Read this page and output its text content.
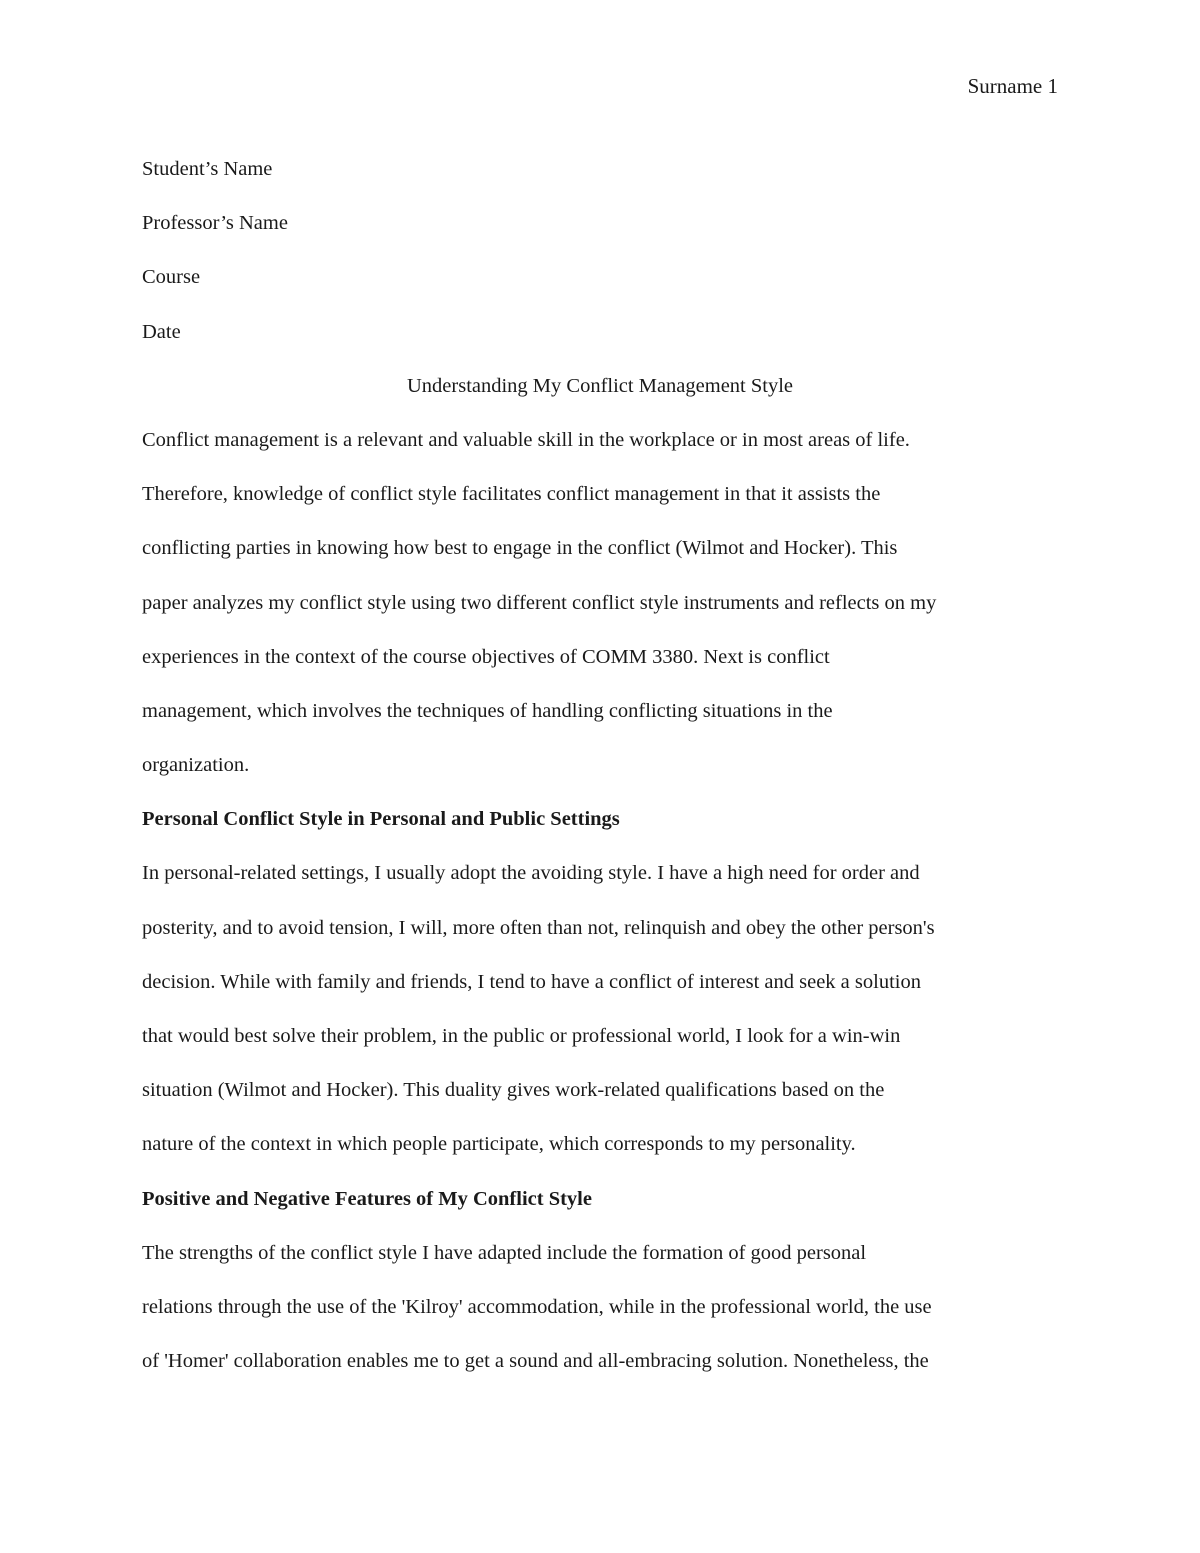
Surname 1
Student’s Name
Professor’s Name
Course
Date
Understanding My Conflict Management Style
Conflict management is a relevant and valuable skill in the workplace or in most areas of life.
Therefore, knowledge of conflict style facilitates conflict management in that it assists the
conflicting parties in knowing how best to engage in the conflict (Wilmot and Hocker). This
paper analyzes my conflict style using two different conflict style instruments and reflects on my
experiences in the context of the course objectives of COMM 3380. Next is conflict
management, which involves the techniques of handling conflicting situations in the
organization.
Personal Conflict Style in Personal and Public Settings
In personal-related settings, I usually adopt the avoiding style. I have a high need for order and
posterity, and to avoid tension, I will, more often than not, relinquish and obey the other person's
decision. While with family and friends, I tend to have a conflict of interest and seek a solution
that would best solve their problem, in the public or professional world, I look for a win-win
situation (Wilmot and Hocker). This duality gives work-related qualifications based on the
nature of the context in which people participate, which corresponds to my personality.
Positive and Negative Features of My Conflict Style
The strengths of the conflict style I have adapted include the formation of good personal
relations through the use of the 'Kilroy' accommodation, while in the professional world, the use
of 'Homer' collaboration enables me to get a sound and all-embracing solution. Nonetheless, the
